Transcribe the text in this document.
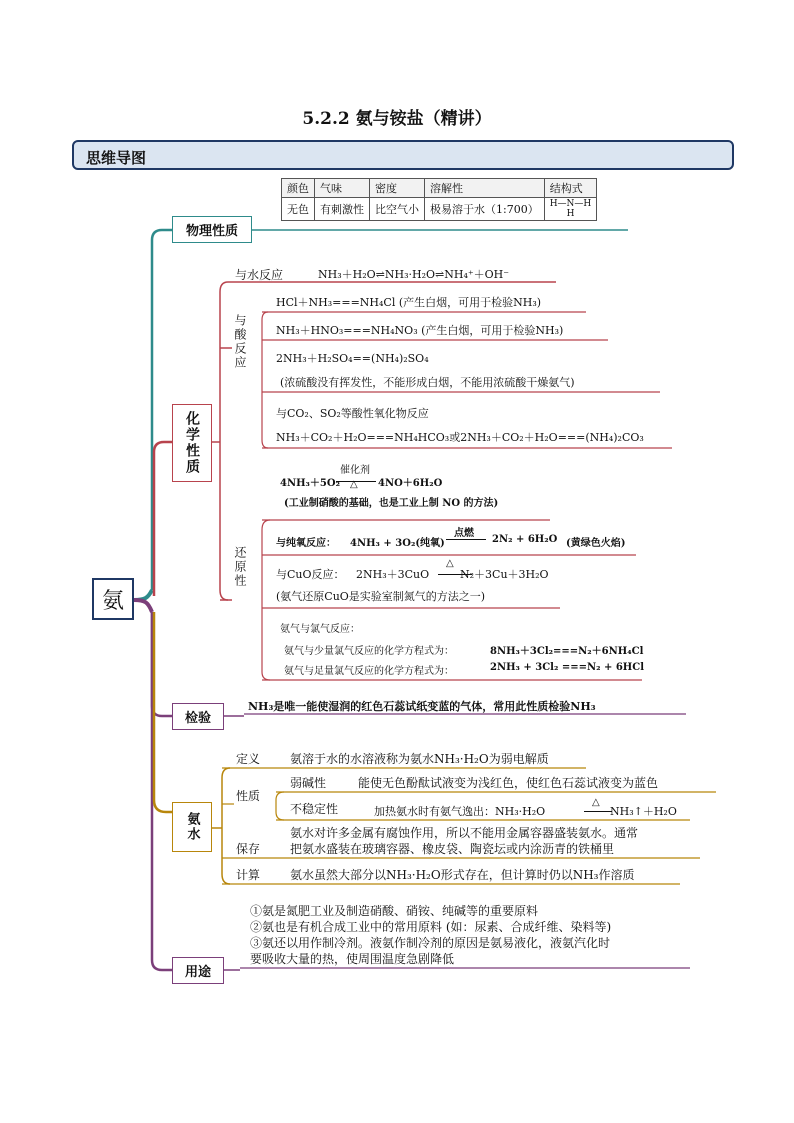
5.2.2 氨与铵盐（精讲）
思维导图
颜色	气味	密度	溶解性	结构式
无色	有刺激性	比空气小	极易溶于水（1:700）	H—N—H
H
氨
物理性质
化学性质
与水反应	NH₃＋H₂O⇌NH₃·H₂O⇌NH₄⁺＋OH⁻
与酸反应
HCl＋NH₃===NH₄Cl (产生白烟，可用于检验NH₃)
NH₃＋HNO₃===NH₄NO₃ (产生白烟，可用于检验NH₃)
2NH₃＋H₂SO₄==(NH₄)₂SO₄
(浓硫酸没有挥发性，不能形成白烟，不能用浓硫酸干燥氨气)
与CO₂、SO₂等酸性氧化物反应
NH₃＋CO₂＋H₂O===NH₄HCO₃或2NH₃＋CO₂＋H₂O===(NH₄)₂CO₃
还原性
4NH₃＋5O₂
催化剂
△ 4NO＋6H₂O
(工业制硝酸的基础，也是工业上制 NO 的方法)
与纯氧反应： 4NH₃ + 3O₂(纯氧)
点燃
2N₂ + 6H₂O (黄绿色火焰)
与CuO反应： 2NH₃＋3CuO
△
N₂＋3Cu＋3H₂O
(氨气还原CuO是实验室制氮气的方法之一)
氨气与氯气反应：
氨气与少量氯气反应的化学方程式为：	8NH₃＋3Cl₂===N₂＋6NH₄Cl
氨气与足量氯气反应的化学方程式为：	2NH₃ + 3Cl₂ ===N₂ + 6HCl
检验
NH₃是唯一能使湿润的红色石蕊试纸变蓝的气体，常用此性质检验NH₃
氨水
定义 氨溶于水的水溶液称为氨水NH₃·H₂O为弱电解质
性质
弱碱性	能使无色酚酞试液变为浅红色，使红色石蕊试液变为蓝色
不稳定性	加热氨水时有氨气逸出：NH₃·H₂O
△
NH₃↑＋H₂O
保存
氨水对许多金属有腐蚀作用，所以不能用金属容器盛装氨水。通常
把氨水盛装在玻璃容器、橡皮袋、陶瓷坛或内涂沥青的铁桶里
计算 氨水虽然大部分以NH₃·H₂O形式存在，但计算时仍以NH₃作溶质
用途
①氨是氮肥工业及制造硝酸、硝铵、纯碱等的重要原料
②氨也是有机合成工业中的常用原料 (如：尿素、合成纤维、染料等)
③氨还以用作制冷剂。液氨作制冷剂的原因是氨易液化，液氨汽化时
要吸收大量的热，使周围温度急剧降低
